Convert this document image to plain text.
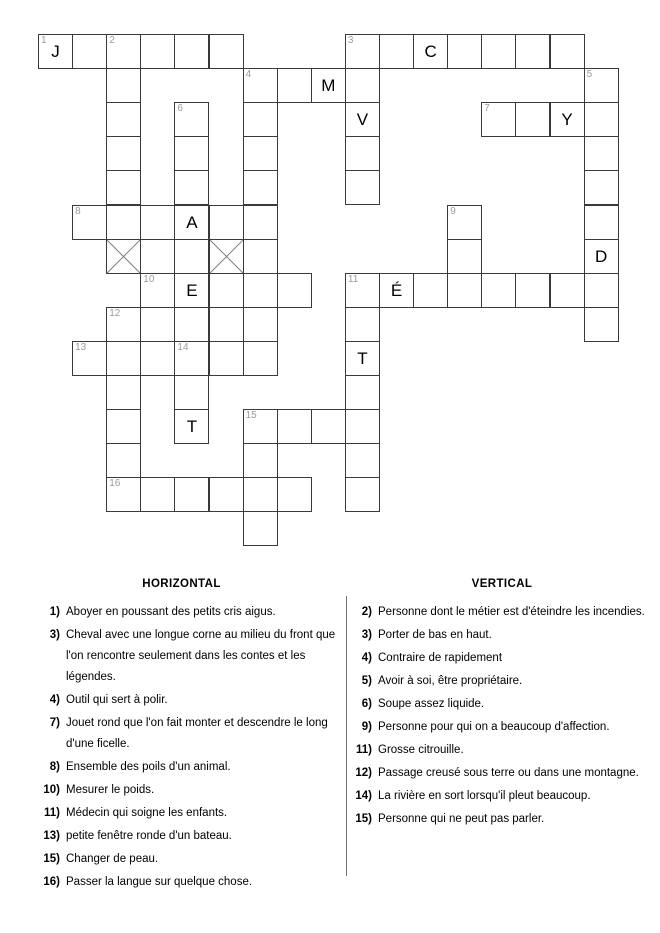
1
J
2	3
C
4
M
5
6
V
7
Y
8
A
9
D
10
E
11
É
12
13	14
T
T
15
16
HORIZONTAL
1) Aboyer en poussant des petits cris aigus.
3) Cheval avec une longue corne au milieu du front que l'on rencontre seulement dans les contes et les légendes.
4) Outil qui sert à polir.
7) Jouet rond que l'on fait monter et descendre le long d'une ficelle.
8) Ensemble des poils d'un animal.
10) Mesurer le poids.
11) Médecin qui soigne les enfants.
13) petite fenêtre ronde d'un bateau.
15) Changer de peau.
16) Passer la langue sur quelque chose.
VERTICAL
2) Personne dont le métier est d'éteindre les incendies.
3) Porter de bas en haut.
4) Contraire de rapidement
5) Avoir à soi, être propriétaire.
6) Soupe assez liquide.
9) Personne pour qui on a beaucoup d'affection.
11) Grosse citrouille.
12) Passage creusé sous terre ou dans une montagne.
14) La rivière en sort lorsqu'il pleut beaucoup.
15) Personne qui ne peut pas parler.
